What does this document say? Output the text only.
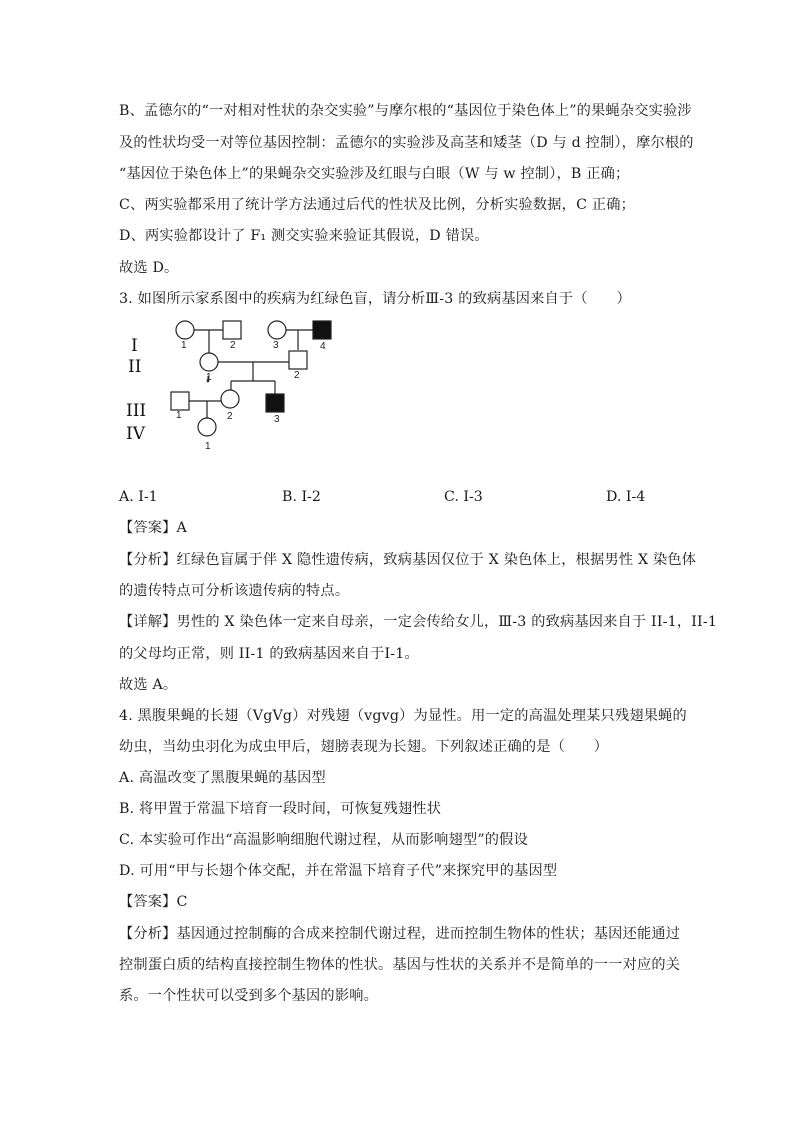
B、孟德尔的“一对相对性状的杂交实验”与摩尔根的“基因位于染色体上”的果蝇杂交实验涉
及的性状均受一对等位基因控制：孟德尔的实验涉及高茎和矮茎（D 与 d 控制），摩尔根的
“基因位于染色体上”的果蝇杂交实验涉及红眼与白眼（W 与 w 控制），B 正确；
C、两实验都采用了统计学方法通过后代的性状及比例，分析实验数据，C 正确；
D、两实验都设计了 F₁ 测交实验来验证其假说，D 错误。
故选 D。
3. 如图所示家系图中的疾病为红绿色盲，请分析Ⅲ-3 的致病基因来自于（　　）
I
II
III
IV
1	2	3	4
1	2
1	2	3
1
A. Ⅰ-1	B. Ⅰ-2	C. Ⅰ-3	D. Ⅰ-4
【答案】A
【分析】红绿色盲属于伴 X 隐性遗传病，致病基因仅位于 X 染色体上，根据男性 X 染色体
的遗传特点可分析该遗传病的特点。
【详解】男性的 X 染色体一定来自母亲，一定会传给女儿，Ⅲ-3 的致病基因来自于 II-1，II-1
的父母均正常，则 II-1 的致病基因来自于Ⅰ-1。
故选 A。
4. 黑腹果蝇的长翅（VgVg）对残翅（vgvg）为显性。用一定的高温处理某只残翅果蝇的
幼虫，当幼虫羽化为成虫甲后，翅膀表现为长翅。下列叙述正确的是（　　）
A. 高温改变了黑腹果蝇的基因型
B. 将甲置于常温下培育一段时间，可恢复残翅性状
C. 本实验可作出“高温影响细胞代谢过程，从而影响翅型”的假设
D. 可用“甲与长翅个体交配，并在常温下培育子代”来探究甲的基因型
【答案】C
【分析】基因通过控制酶的合成来控制代谢过程，进而控制生物体的性状；基因还能通过
控制蛋白质的结构直接控制生物体的性状。基因与性状的关系并不是简单的一一对应的关
系。一个性状可以受到多个基因的影响。
